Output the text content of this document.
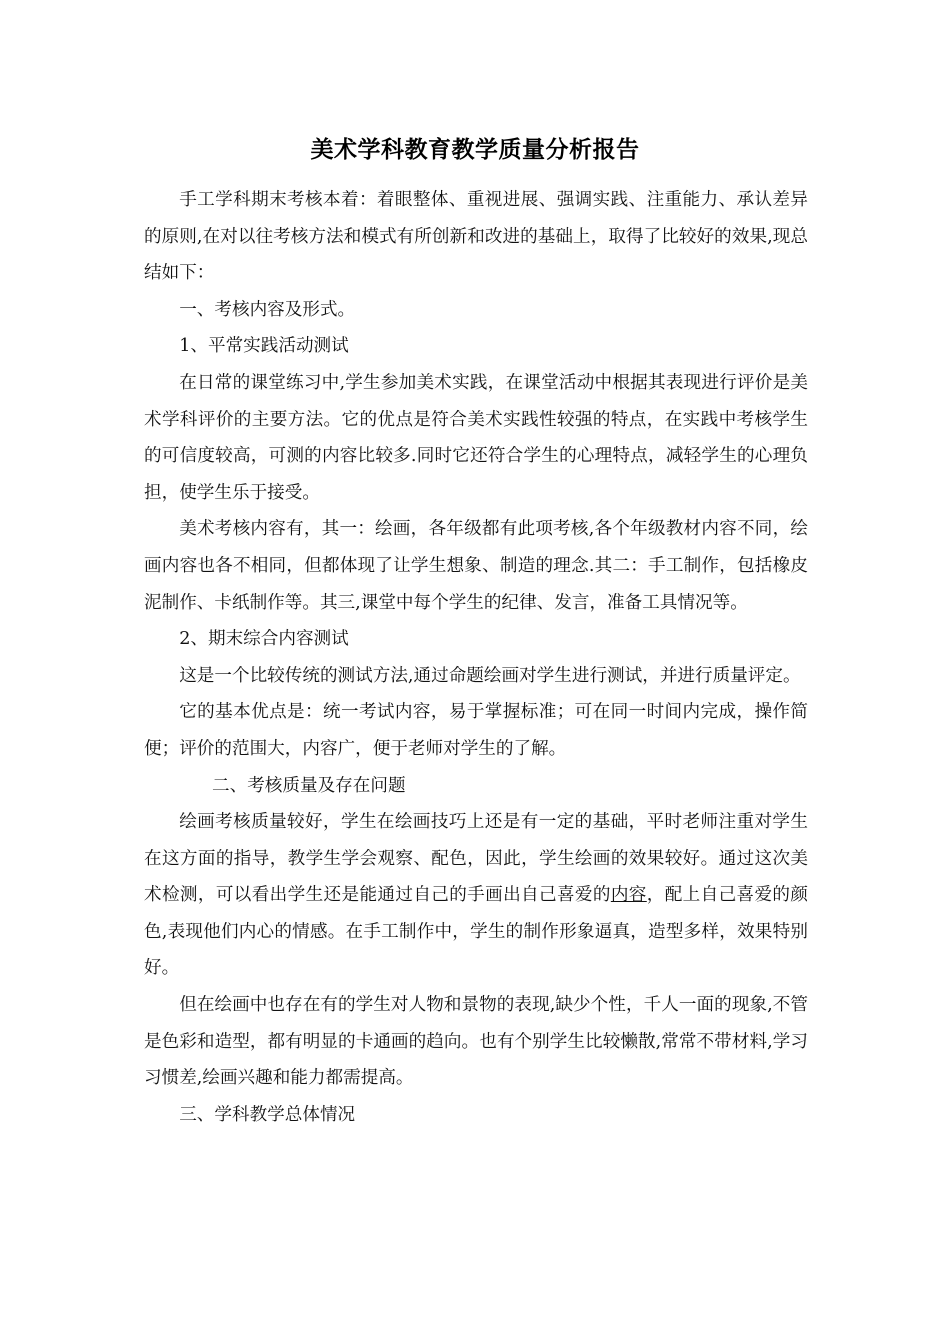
美术学科教育教学质量分析报告

手工学科期末考核本着：着眼整体、重视进展、强调实践、注重能力、承认差异的原则,在对以往考核方法和模式有所创新和改进的基础上，取得了比较好的效果,现总结如下：

一、考核内容及形式。

1、平常实践活动测试

在日常的课堂练习中,学生参加美术实践，在课堂活动中根据其表现进行评价是美术学科评价的主要方法。它的优点是符合美术实践性较强的特点，在实践中考核学生的可信度较高，可测的内容比较多.同时它还符合学生的心理特点，减轻学生的心理负担，使学生乐于接受。

美术考核内容有，其一：绘画，各年级都有此项考核,各个年级教材内容不同，绘画内容也各不相同，但都体现了让学生想象、制造的理念.其二：手工制作，包括橡皮泥制作、卡纸制作等。其三,课堂中每个学生的纪律、发言，准备工具情况等。

2、期末综合内容测试

这是一个比较传统的测试方法,通过命题绘画对学生进行测试，并进行质量评定。

它的基本优点是：统一考试内容，易于掌握标准；可在同一时间内完成，操作简便；评价的范围大，内容广，便于老师对学生的了解。

二、考核质量及存在问题

绘画考核质量较好，学生在绘画技巧上还是有一定的基础，平时老师注重对学生在这方面的指导，教学生学会观察、配色，因此，学生绘画的效果较好。通过这次美术检测，可以看出学生还是能通过自己的手画出自己喜爱的内容，配上自己喜爱的颜色,表现他们内心的情感。在手工制作中，学生的制作形象逼真，造型多样，效果特别好。

但在绘画中也存在有的学生对人物和景物的表现,缺少个性，千人一面的现象,不管是色彩和造型，都有明显的卡通画的趋向。也有个别学生比较懒散,常常不带材料,学习习惯差,绘画兴趣和能力都需提高。

三、学科教学总体情况
